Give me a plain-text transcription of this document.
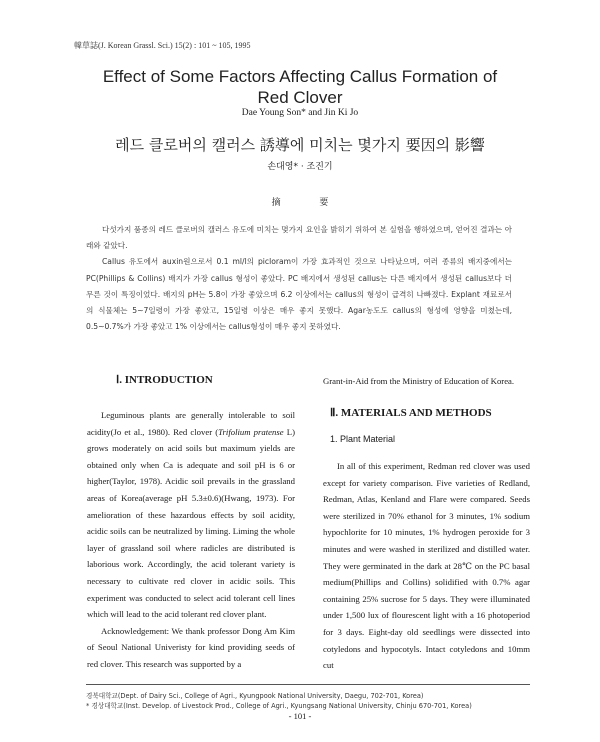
韓草誌(J. Korean Grassl. Sci.) 15(2) : 101 ~ 105, 1995
Effect of Some Factors Affecting Callus Formation of
Red Clover
Dae Young Son* and Jin Ki Jo
레드 클로버의 캘러스 誘導에 미치는 몇가지 要因의 影響
손대영* · 조진기
摘 要

다섯가지 품종의 레드 클로버의 캘러스 유도에 미치는 몇가지 요인을 밝히기 위하여 본 실험을 행하였으며, 얻어진 결과는 아래와 같았다.

Callus 유도에서 auxin원으로서 0.1 ml/l의 picloram이 가장 효과적인 것으로 나타났으며, 여러 종류의 배지중에서는 PC(Phillips & Collins) 배지가 가장 callus 형성이 좋았다. PC 배지에서 생성된 callus는 다른 배지에서 생성된 callus보다 더 무른 것이 특징이었다. 배지의 pH는 5.8이 가장 좋았으며 6.2 이상에서는 callus의 형성이 급격히 나빠졌다. Explant 재료로서의 식물체는 5~7일령이 가장 좋았고, 15일령 이상은 매우 좋지 못했다. Agar농도도 callus의 형성에 영향을 미쳤는데, 0.5~0.7%가 가장 좋았고 1% 이상에서는 callus형성이 매우 좋지 못하였다.

Ⅰ. INTRODUCTION

Leguminous plants are generally intolerable to soil acidity(Jo et al., 1980). Red clover (Trifolium pratense L) grows moderately on acid soils but maximum yields are obtained only when Ca is adequate and soil pH is 6 or higher(Taylor, 1978). Acidic soil prevails in the grassland areas of Korea(average pH 5.3±0.6)(Hwang, 1973). For amelioration of these hazardous effects by soil acidity, acidic soils can be neutralized by liming. Liming the whole layer of grassland soil where radicles are distributed is laborious work. Accordingly, the acid tolerant variety is necessary to cultivate red clover in acidic soils. This experiment was conducted to select acid tolerant cell lines which will lead to the acid tolerant red clover plant.

Acknowledgement: We thank professor Dong Am Kim of Seoul National Univeristy for kind providing seeds of red clover. This research was supported by a

Grant-in-Aid from the Ministry of Education of Korea.
Ⅱ. MATERIALS AND METHODS
1. Plant Material

In all of this experiment, Redman red clover was used except for variety comparison. Five varieties of Redland, Redman, Atlas, Kenland and Flare were compared. Seeds were sterilized in 70% ethanol for 3 minutes, 1% sodium hypochlorite for 10 minutes, 1% hydrogen peroxide for 3 minutes and were washed in sterilized and distilled water. They were germinated in the dark at 28℃ on the PC basal medium(Phillips and Collins) solidified with 0.7% agar containing 25% sucrose for 5 days. They were illuminated under 1,500 lux of flourescent light with a 16 photoperiod for 3 days. Eight-day old seedlings were dissected into cotyledons and hypocotyls. Intact cotyledons and 10mm cut

경북대학교(Dept. of Dairy Sci., College of Agri., Kyungpook National University, Daegu, 702-701, Korea)
* 경상대학교(Inst. Develop. of Livestock Prod., College of Agri., Kyungsang National University, Chinju 670-701, Korea)
- 101 -
